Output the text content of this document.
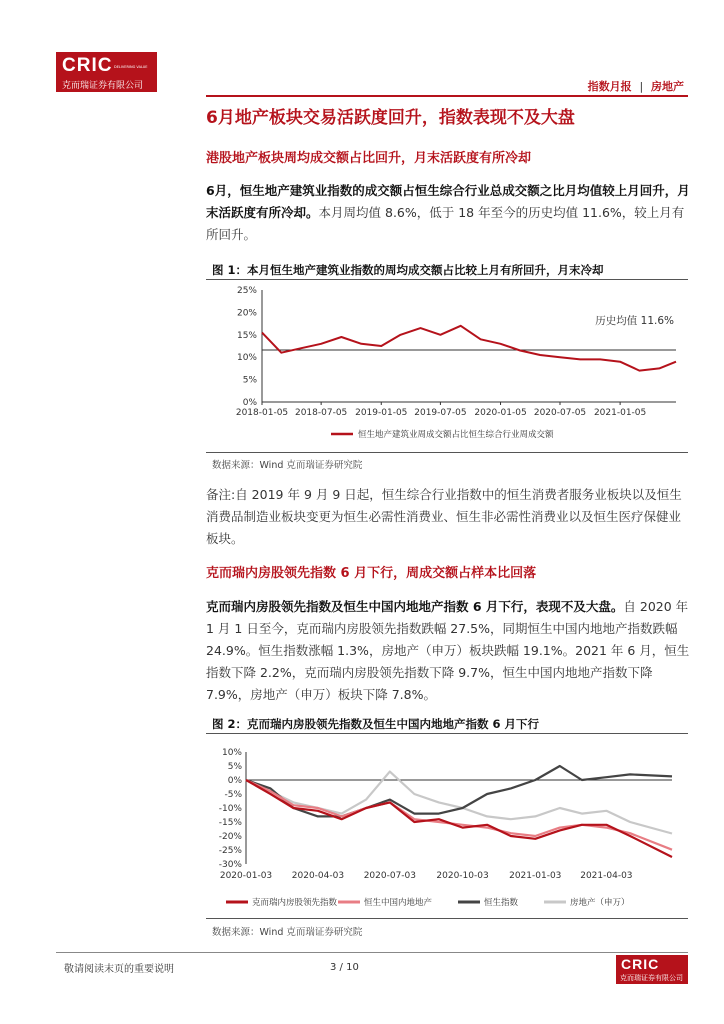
CRIC DELIVERING VALUE
克而瑞证券有限公司	指数月报 | 房地产
6月地产板块交易活跃度回升，指数表现不及大盘
港股地产板块周均成交额占比回升，月末活跃度有所冷却
6月，恒生地产建筑业指数的成交额占恒生综合行业总成交额之比月均值较上月回升，月末活跃度有所冷却。本月周均值 8.6%，低于 18 年至今的历史均值 11.6%，较上月有所回升。
图 1：本月恒生地产建筑业指数的周均成交额占比较上月有所回升，月末冷却
0%
5%
10%
15%
20%
25%
2018-01-05 2018-07-05 2019-01-05 2019-07-05 2020-01-05 2020-07-05 2021-01-05
历史均值 11.6%
恒生地产建筑业周成交额占比恒生综合行业周成交额
数据来源：Wind 克而瑞证券研究院
备注:自 2019 年 9 月 9 日起，恒生综合行业指数中的恒生消费者服务业板块以及恒生消费品制造业板块变更为恒生必需性消费业、恒生非必需性消费业以及恒生医疗保健业板块。
克而瑞内房股领先指数 6 月下行，周成交额占样本比回落
克而瑞内房股领先指数及恒生中国内地地产指数 6 月下行，表现不及大盘。自 2020 年 1 月 1 日至今，克而瑞内房股领先指数跌幅 27.5%，同期恒生中国内地地产指数跌幅 24.9%。恒生指数涨幅 1.3%，房地产（申万）板块跌幅 19.1%。2021 年 6 月，恒生指数下降 2.2%，克而瑞内房股领先指数下降 9.7%，恒生中国内地地产指数下降 7.9%，房地产（申万）板块下降 7.8%。
图 2：克而瑞内房股领先指数及恒生中国内地地产指数 6 月下行
10%
5%
0%
-5%
-10%
-15%
-20%
-25%
-30%
2020-01-03 2020-04-03 2020-07-03 2020-10-03 2021-01-03 2021-04-03
克而瑞内房股领先指数	恒生中国内地地产	恒生指数	房地产（申万）
数据来源：Wind 克而瑞证券研究院
敬请阅读末页的重要说明	3 / 10	CRIC
克而瑞证券有限公司
